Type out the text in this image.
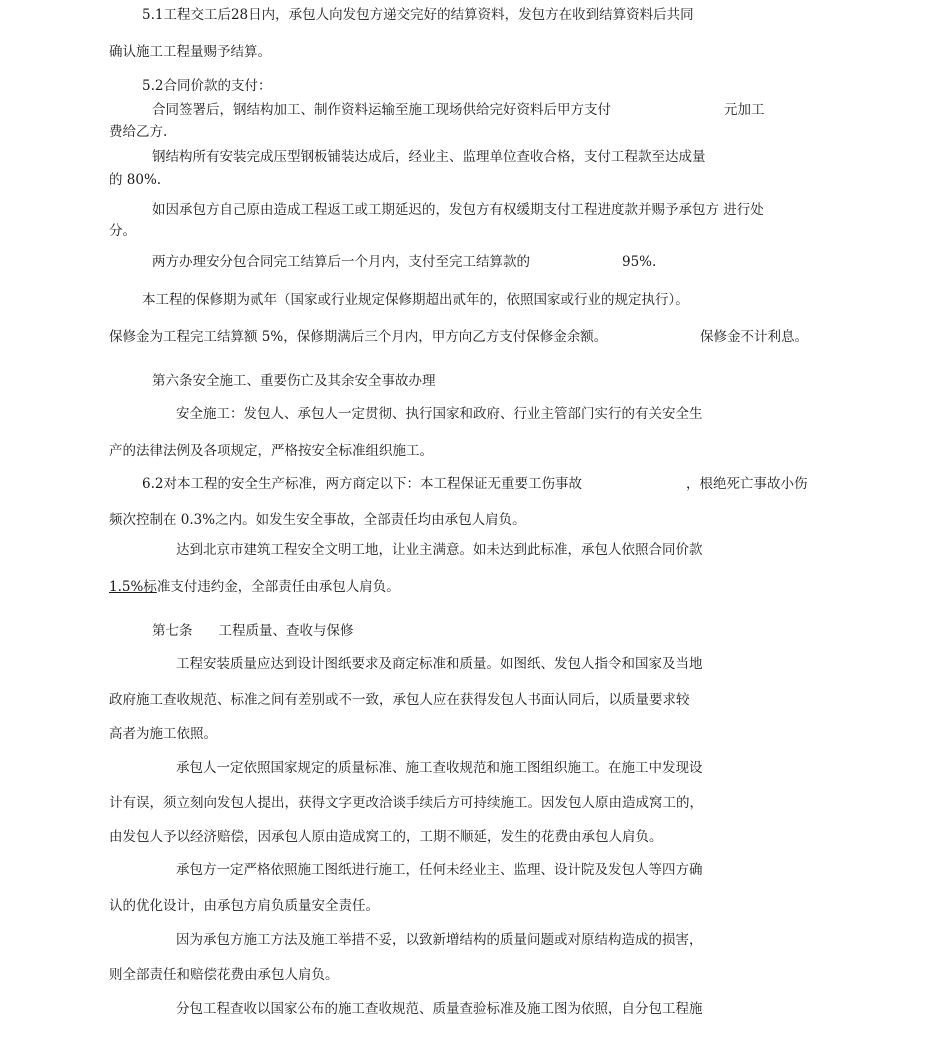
5.1工程交工后28日内，承包人向发包方递交完好的结算资料，发包方在收到结算资料后共同
确认施工工程量赐予结算。
5.2合同价款的支付：
合同签署后，钢结构加工、制作资料运输至施工现场供给完好资料后甲方支付	元加工
费给乙方.
钢结构所有安装完成压型钢板铺装达成后，经业主、监理单位查收合格，支付工程款至达成量
的 80%.
如因承包方自己原由造成工程返工或工期延迟的，发包方有权缓期支付工程进度款并赐予承包方 进行处
分。
两方办理安分包合同完工结算后一个月内，支付至完工结算款的	95%.
本工程的保修期为贰年（国家或行业规定保修期超出贰年的，依照国家或行业的规定执行）。
保修金为工程完工结算额 5%，保修期满后三个月内，甲方向乙方支付保修金余额。	保修金不计利息。
第六条安全施工、重要伤亡及其余安全事故办理
安全施工：发包人、承包人一定贯彻、执行国家和政府、行业主管部门实行的有关安全生
产的法律法例及各项规定，严格按安全标准组织施工。
6.2对本工程的安全生产标准，两方商定以下：本工程保证无重要工伤事故	，根绝死亡事故小伤
频次控制在 0.3%之内。如发生安全事故，全部责任均由承包人肩负。
达到北京市建筑工程安全文明工地，让业主满意。如未达到此标准，承包人依照合同价款
1.5%标准支付违约金，全部责任由承包人肩负。
第七条 工程质量、查收与保修
工程安装质量应达到设计图纸要求及商定标准和质量。如图纸、发包人指令和国家及当地
政府施工查收规范、标准之间有差别或不一致，承包人应在获得发包人书面认同后，以质量要求较
高者为施工依照。
承包人一定依照国家规定的质量标准、施工查收规范和施工图组织施工。在施工中发现设
计有误，须立刻向发包人提出，获得文字更改洽谈手续后方可持续施工。因发包人原由造成窝工的，
由发包人予以经济赔偿，因承包人原由造成窝工的，工期不顺延，发生的花费由承包人肩负。
承包方一定严格依照施工图纸进行施工，任何未经业主、监理、设计院及发包人等四方确
认的优化设计，由承包方肩负质量安全责任。
因为承包方施工方法及施工举措不妥，以致新增结构的质量问题或对原结构造成的损害，
则全部责任和赔偿花费由承包人肩负。
分包工程查收以国家公布的施工查收规范、质量查验标准及施工图为依照，自分包工程施
